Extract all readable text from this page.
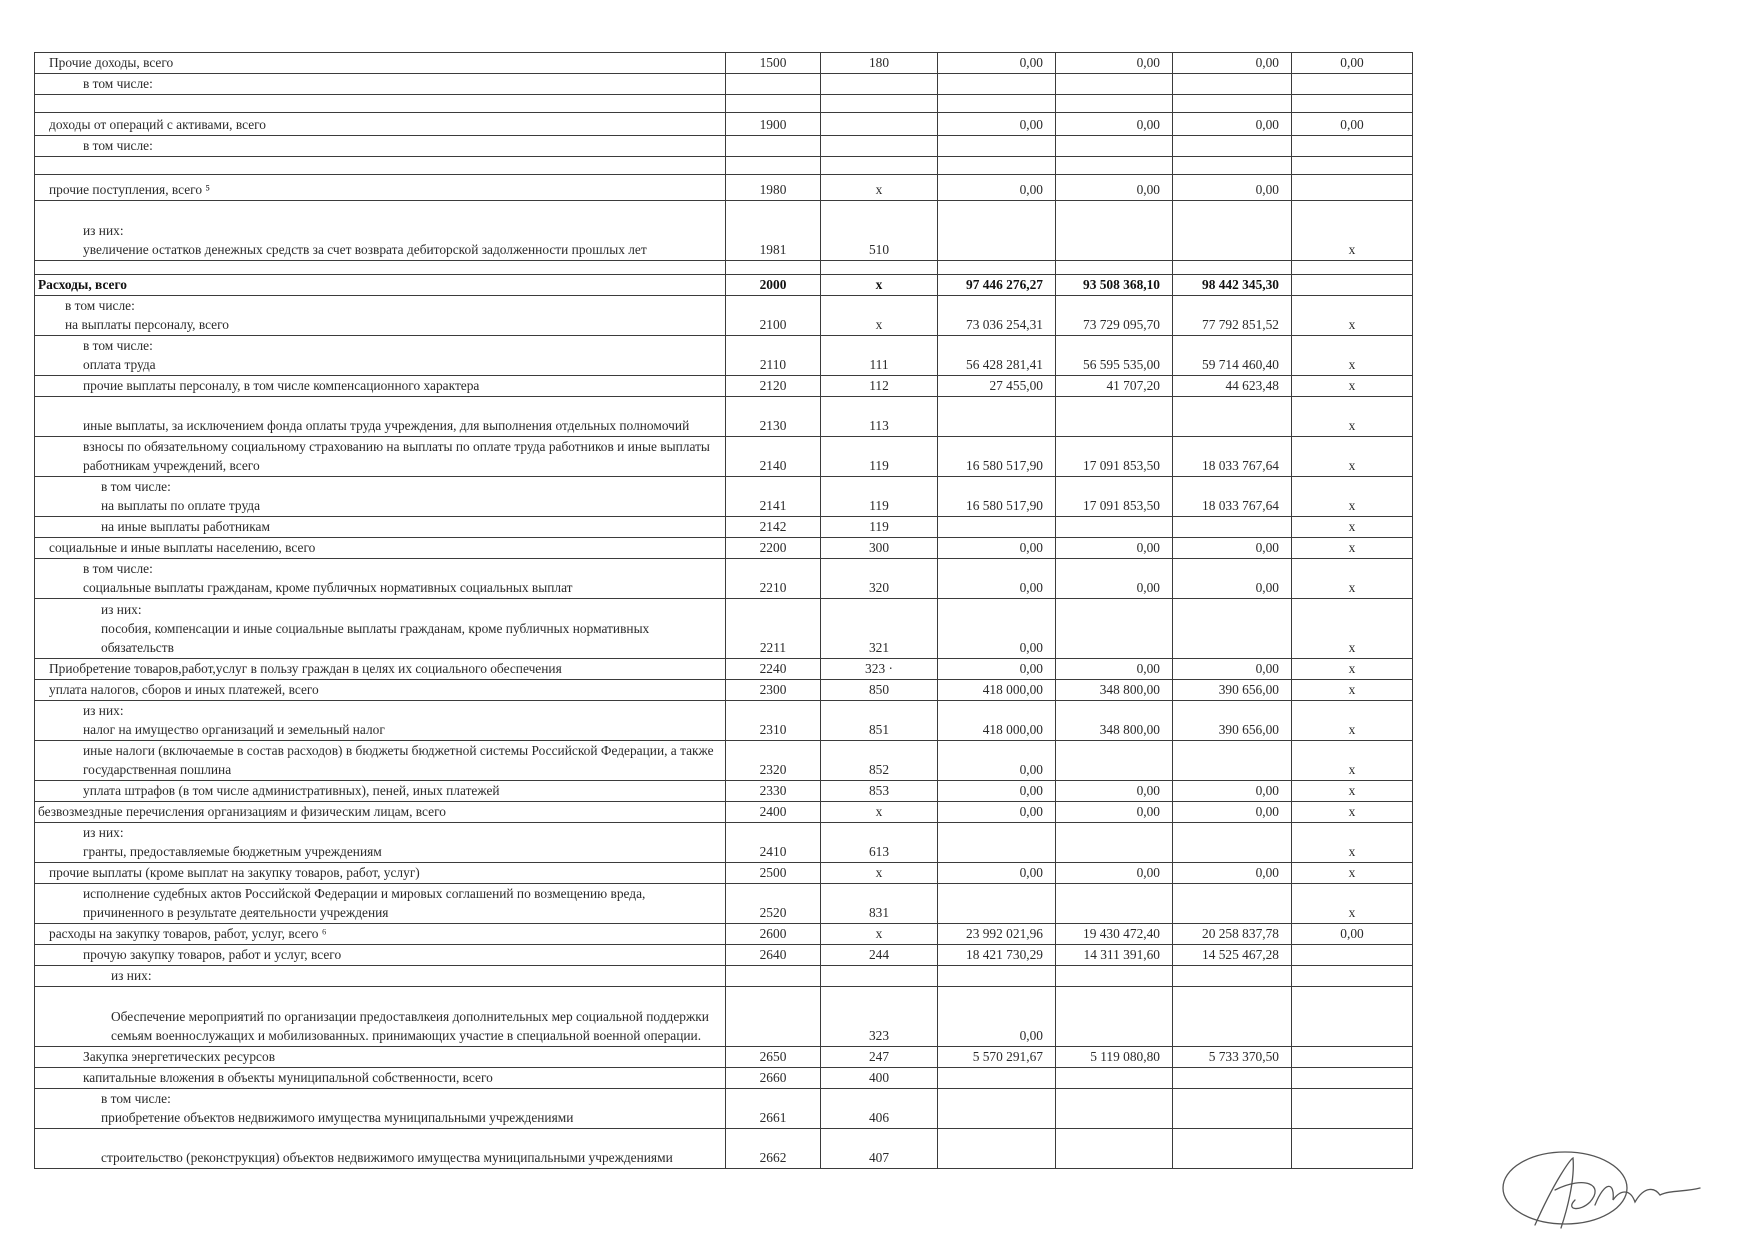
Прочие доходы, всего	1500	180	0,00	0,00	0,00	0,00

в том числе:						

доходы от операций с активами, всего	1900		0,00	0,00	0,00	0,00

в том числе:						

прочие поступления, всего ⁵	1980	x	0,00	0,00	0,00	

из них:
увеличение остатков денежных средств за счет возврата дебиторской задолженности прошлых лет	1981	510				x

Расходы, всего	2000	x	97 446 276,27	93 508 368,10	98 442 345,30	

в том числе:
на выплаты персоналу, всего	2100	x	73 036 254,31	73 729 095,70	77 792 851,52	x

в том числе:
оплата труда	2110	111	56 428 281,41	56 595 535,00	59 714 460,40	x

прочие выплаты персоналу, в том числе компенсационного характера	2120	112	27 455,00	41 707,20	44 623,48	x

иные выплаты, за исключением фонда оплаты труда учреждения, для выполнения отдельных полномочий	2130	113				x

взносы по обязательному социальному страхованию на выплаты по оплате труда работников и иные выплаты работникам учреждений, всего	2140	119	16 580 517,90	17 091 853,50	18 033 767,64	x

в том числе:
на выплаты по оплате труда	2141	119	16 580 517,90	17 091 853,50	18 033 767,64	x

на иные выплаты работникам	2142	119				x

социальные и иные выплаты населению, всего	2200	300	0,00	0,00	0,00	x

в том числе:
социальные выплаты гражданам, кроме публичных нормативных социальных выплат	2210	320	0,00	0,00	0,00	x

из них:
пособия, компенсации и иные социальные выплаты гражданам, кроме публичных нормативных обязательств	2211	321	0,00			x

Приобретение товаров,работ,услуг в пользу граждан в целях их социального обеспечения	2240	323 ·	0,00	0,00	0,00	x

уплата налогов, сборов и иных платежей, всего	2300	850	418 000,00	348 800,00	390 656,00	x

из них:
налог на имущество организаций и земельный налог	2310	851	418 000,00	348 800,00	390 656,00	x

иные налоги (включаемые в состав расходов) в бюджеты бюджетной системы Российской Федерации, а также государственная пошлина	2320	852	0,00			x

уплата штрафов (в том числе административных), пеней, иных платежей	2330	853	0,00	0,00	0,00	x

безвозмездные перечисления организациям и физическим лицам, всего	2400	x	0,00	0,00	0,00	x

из них:
гранты, предоставляемые бюджетным учреждениям	2410	613				x

прочие выплаты (кроме выплат на закупку товаров, работ, услуг)	2500	x	0,00	0,00	0,00	x

исполнение судебных актов Российской Федерации и мировых соглашений по возмещению вреда, причиненного в результате деятельности учреждения	2520	831				x

расходы на закупку товаров, работ, услуг, всего ⁶	2600	x	23 992 021,96	19 430 472,40	20 258 837,78	0,00

прочую закупку товаров, работ и услуг, всего	2640	244	18 421 730,29	14 311 391,60	14 525 467,28	

из них:						

Обеспечение мероприятий по организации предоставлкеия дополнительных мер социальной поддержки семьям военнослужащих и мобилизованных. принимающих участие в специальной военной операции.		323	0,00			

Закупка энергетических ресурсов	2650	247	5 570 291,67	5 119 080,80	5 733 370,50	

капитальные вложения в объекты муниципальной собственности, всего	2660	400				

в том числе:
приобретение объектов недвижимого имущества муниципальными учреждениями	2661	406				

строительство (реконструкция) объектов недвижимого имущества муниципальными учреждениями	2662	407				
